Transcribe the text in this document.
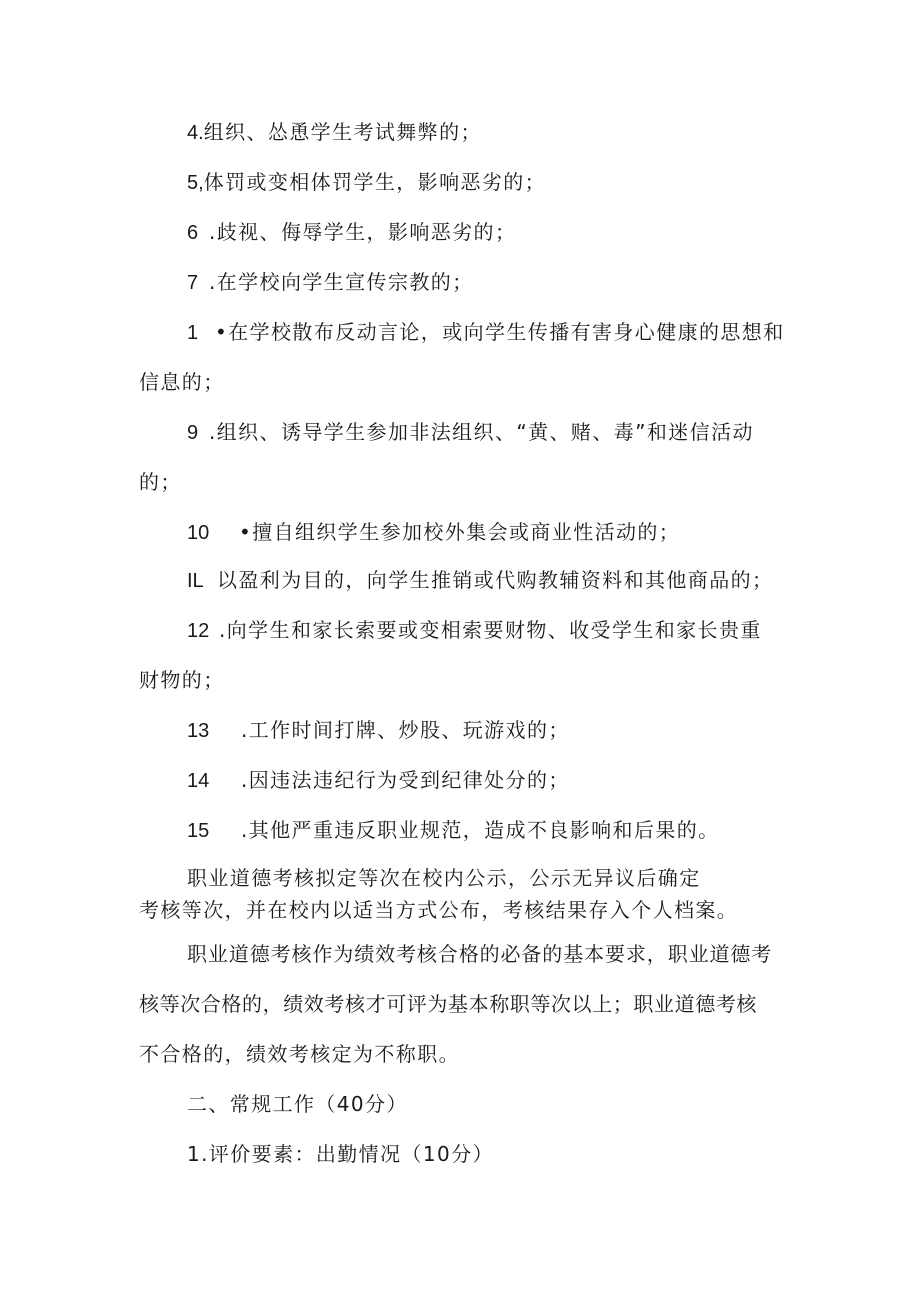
4.组织、怂恿学生考试舞弊的；
5,体罚或变相体罚学生，影响恶劣的；
6 .歧视、侮辱学生，影响恶劣的；
7 .在学校向学生宣传宗教的；
1 •在学校散布反动言论，或向学生传播有害身心健康的思想和
信息的；
9 .组织、诱导学生参加非法组织、“黄、赌、毒”和迷信活动
的；
10 •擅自组织学生参加校外集会或商业性活动的；
IL 以盈利为目的，向学生推销或代购教辅资料和其他商品的；
12 .向学生和家长索要或变相索要财物、收受学生和家长贵重
财物的；
13 .工作时间打牌、炒股、玩游戏的；
14 .因违法违纪行为受到纪律处分的；
15 .其他严重违反职业规范，造成不良影响和后果的。
职业道德考核拟定等次在校内公示，公示无异议后确定
考核等次，并在校内以适当方式公布，考核结果存入个人档案。
职业道德考核作为绩效考核合格的必备的基本要求，职业道德考
核等次合格的，绩效考核才可评为基本称职等次以上；职业道德考核
不合格的，绩效考核定为不称职。
二、常规工作（40分）
1.评价要素：出勤情况（10分）
